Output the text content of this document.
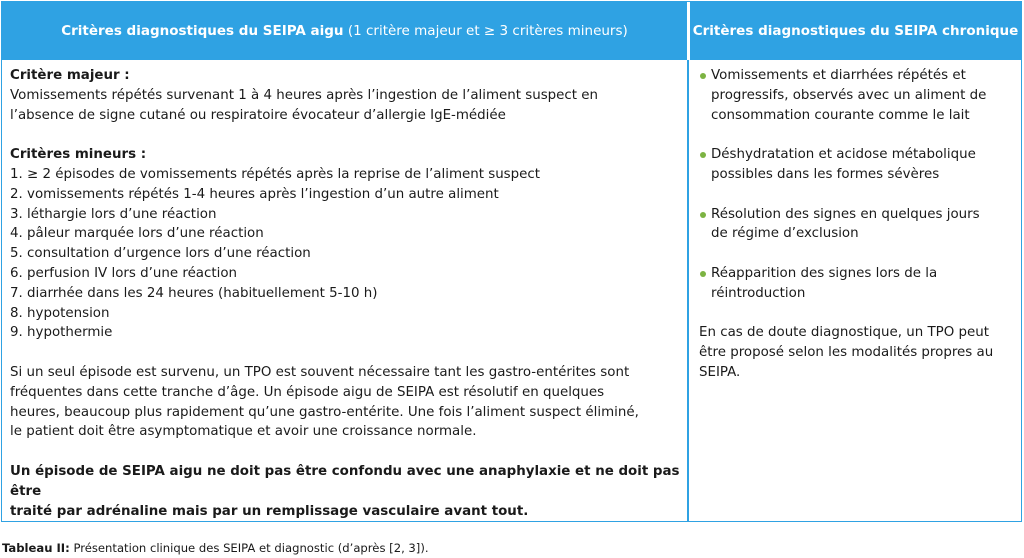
Critères diagnostiques du SEIPA aigu (1 critère majeur et ≥ 3 critères mineurs)	Critères diagnostiques du SEIPA chronique

Critère majeur :

Vomissements répétés survenant 1 à 4 heures après l’ingestion de l’aliment suspect en

l’absence de signe cutané ou respiratoire évocateur d’allergie IgE-médiée

Critères mineurs :

1. ≥ 2 épisodes de vomissements répétés après la reprise de l’aliment suspect

2. vomissements répétés 1-4 heures après l’ingestion d’un autre aliment

3. léthargie lors d’une réaction

4. pâleur marquée lors d’une réaction

5. consultation d’urgence lors d’une réaction

6. perfusion IV lors d’une réaction

7. diarrhée dans les 24 heures (habituellement 5-10 h)

8. hypotension

9. hypothermie

Si un seul épisode est survenu, un TPO est souvent nécessaire tant les gastro-entérites sont

fréquentes dans cette tranche d’âge. Un épisode aigu de SEIPA est résolutif en quelques

heures, beaucoup plus rapidement qu’une gastro-entérite. Une fois l’aliment suspect éliminé,

le patient doit être asymptomatique et avoir une croissance normale.

Un épisode de SEIPA aigu ne doit pas être confondu avec une anaphylaxie et ne doit pas être

traité par adrénaline mais par un remplissage vasculaire avant tout.

Vomissements et diarrhées répétés et
progressifs, observés avec un aliment de
consommation courante comme le lait
Déshydratation et acidose métabolique
possibles dans les formes sévères
Résolution des signes en quelques jours
de régime d’exclusion
Réapparition des signes lors de la
réintroduction
En cas de doute diagnostique, un TPO peut
être proposé selon les modalités propres au
SEIPA.
Tableau II: Présentation clinique des SEIPA et diagnostic (d’après [2, 3]).
